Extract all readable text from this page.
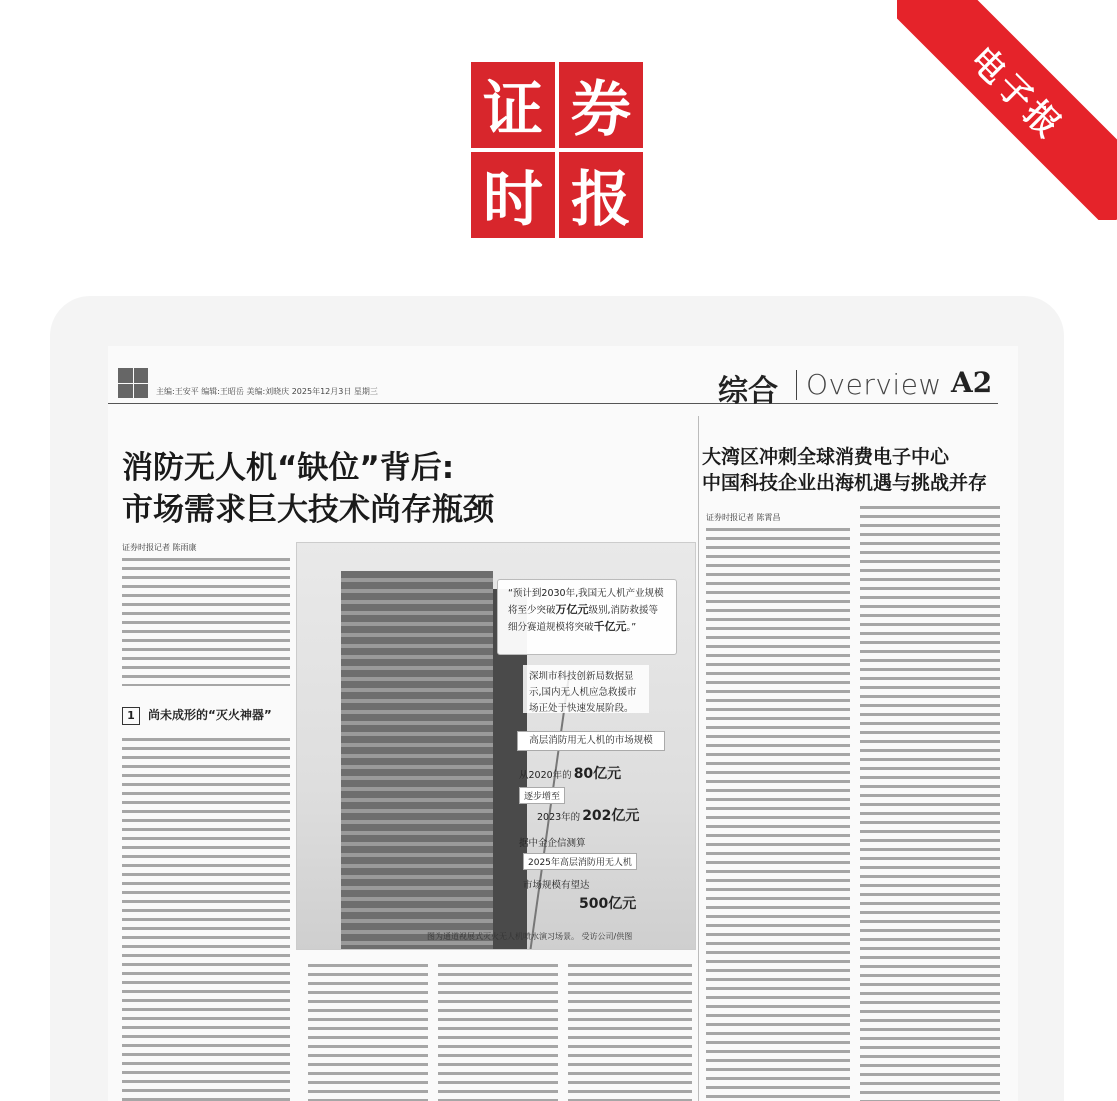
电子报
证 券
时 报
主编:王安平 编辑:王昭岳 美编:刘晓庆 2025年12月3日 星期三	综合 Overview A2
消防无人机“缺位”背后:
市场需求巨大技术尚存瓶颈
证券时报记者 陈雨康
1 尚未成形的“灭火神器”
“预计到2030年,我国无人机产业规模将至少突破万亿元级别,消防救援等细分赛道规模将突破千亿元。”
深圳市科技创新局数据显示,国内无人机应急救援市场正处于快速发展阶段。
高层消防用无人机的市场规模
从2020年的 80亿元
逐步增至
2023年的 202亿元
据中金企信测算
2025年高层消防用无人机
市场规模有望达
500亿元
图为通道视展式灭火无人机喷水演习场景。 受访公司/供图
大湾区冲刺全球消费电子中心
中国科技企业出海机遇与挑战并存
证券时报记者 陈霄昌
